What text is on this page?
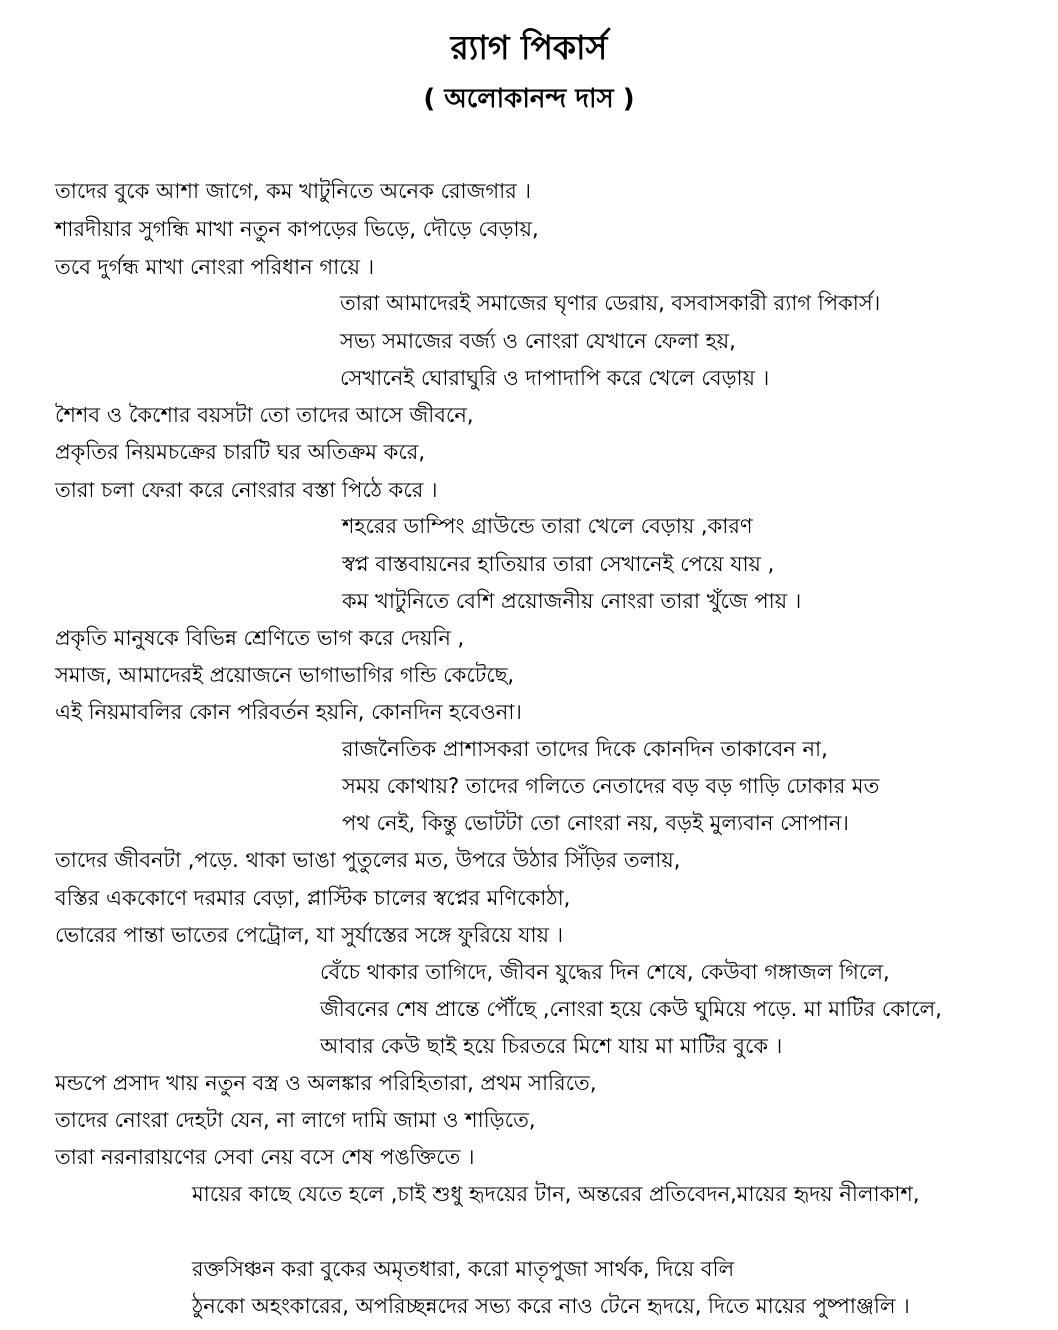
র‍্যাগ পিকার্স
( অলোকানন্দ দাস )
তাদের বুকে আশা জাগে, কম খাটুনিতে অনেক রোজগার ।
শারদীয়ার সুগন্ধি মাখা নতুন কাপড়ের ভিড়ে, দৌড়ে বেড়ায়,
তবে দুর্গন্ধ মাখা নোংরা পরিধান গায়ে ।
তারা আমাদেরই সমাজের ঘৃণার ডেরায়, বসবাসকারী র‍্যাগ পিকার্স।
সভ্য সমাজের বর্জ্য ও নোংরা যেখানে ফেলা হয়,
সেখানেই ঘোরাঘুরি ও দাপাদাপি করে খেলে বেড়ায় ।
শৈশব ও কৈশোর বয়সটা তো তাদের আসে জীবনে,
প্রকৃতির নিয়মচক্রের চারটি ঘর অতিক্রম করে,
তারা চলা ফেরা করে নোংরার বস্তা পিঠে করে ।
শহরের ডাম্পিং গ্রাউন্ডে তারা খেলে বেড়ায় ,কারণ
স্বপ্ন বাস্তবায়নের হাতিয়ার তারা সেখানেই পেয়ে যায় ,
কম খাটুনিতে বেশি প্রয়োজনীয় নোংরা তারা খুঁজে পায় ।
প্রকৃতি মানুষকে বিভিন্ন শ্রেণিতে ভাগ করে দেয়নি ,
সমাজ, আমাদেরই প্রয়োজনে ভাগাভাগির গন্ডি কেটেছে,
এই নিয়মাবলির কোন পরিবর্তন হয়নি, কোনদিন হবেওনা।
রাজনৈতিক প্রাশাসকরা তাদের দিকে কোনদিন তাকাবেন না,
সময় কোথায়? তাদের গলিতে নেতাদের বড় বড় গাড়ি ঢোকার মত
পথ নেই, কিন্তু ভোটটা তো নোংরা নয়, বড়ই মুল্যবান সোপান।
তাদের জীবনটা ,পড়ে. থাকা ভাঙা পুতুলের মত, উপরে উঠার সিঁড়ির তলায়,
বস্তির এককোণে দরমার বেড়া, প্লাস্টিক চালের স্বপ্নের মণিকোঠা,
ভোরের পান্তা ভাতের পেট্রোল, যা সুর্যাস্তের সঙ্গে ফুরিয়ে যায় ।
বেঁচে থাকার তাগিদে, জীবন যুদ্ধের দিন শেষে, কেউবা গঙ্গাজল গিলে,
জীবনের শেষ প্রান্তে পৌঁছে ,নোংরা হয়ে কেউ ঘুমিয়ে পড়ে. মা মাটির কোলে,
আবার কেউ ছাই হয়ে চিরতরে মিশে যায় মা মাটির বুকে ।
মন্ডপে প্রসাদ খায় নতুন বস্ত্র ও অলঙ্কার পরিহিতারা, প্রথম সারিতে,
তাদের নোংরা দেহটা যেন, না লাগে দামি জামা ও শাড়িতে,
তারা নরনারায়ণের সেবা নেয় বসে শেষ পঙক্তিতে ।
মায়ের কাছে যেতে হলে ,চাই শুধু হৃদয়ের টান, অন্তরের প্রতিবেদন,মায়ের হৃদয় নীলাকাশ,
রক্তসিঞ্চন করা বুকের অমৃতধারা, করো মাতৃপুজা সার্থক, দিয়ে বলি
ঠুনকো অহংকারের, অপরিচ্ছন্নদের সভ্য করে নাও টেনে হৃদয়ে, দিতে মায়ের পুষ্পাঞ্জলি ।
